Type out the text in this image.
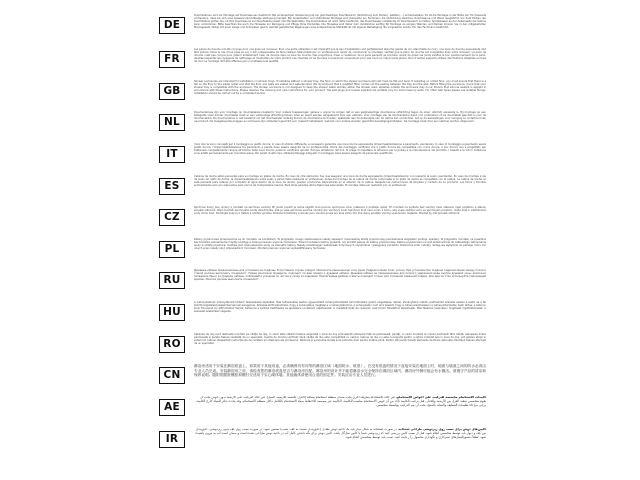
DE
Duschkabinen sind zur Montage auf Duschwannen bestimmt. Bei andersartiger Verwendung ist ein gleichwertiger Duschbereich (Abdichtung zum Boden), Gefälle (...) sicherzustellen. Es ist die Montage in der Nähe der Tür (bauseits vorhanden), dass sie sich eine wasserundurchlässige Verfugung handelt. Bei bodentiefem und stufenfreier Montage wird (bauseits) ein Fachmann die Abdichtung zwischen Duschwanne und Wand ausgeführt. Vor dem Einbau der Duschkabine prüfen Sie, ob Ihre Duschwanne zur Duschkabine passt (die Mindestmaße). Die Duschkabine ist nicht dafür bestimmt, das Duschwasser vollständig im Duschbereich zu halten. Spritzwasser an der Außenseite der Kabine kann vorkommen. Bitte beachten Sie auch die Hinweise zur Reinigung und Pflege Ihres Produktes. Die Hinweise sind daher zum Verständnis wichtig für Montage an einigen Wänden und Decken können Sie in den mitgelieferten Montagesets, Dübel mit einer Länge und Schrauben gleich. Gemäß gesetzlicher Regelungen eine entsprechende Stabilität ist mit eigener Befestigung die vorgesehen wurde. Für den Fachmann bestimmt.
FR
Les parois de douche ont été conçues pour une pose sur receveur. Pour une autre utilisation il est impératif que le lieu d'installation soit parfaitement étanche (pente du sol, étanchéité du mur), une zone de douche équivalente doit être prévue. Dans le cas d'une pose au sol, il est indispensable de faire réaliser l'étanchéité par un professionnel. Avant de commencer le montage, vérifiez que la paroi de douche est compatible avec votre receveur. La paroi de douche n'est pas conçue pour retenir entièrement l'eau de douche dans la zone de douche. Des projections d'eau à l'extérieur de la paroi peuvent se produire. Avant de poser les joints vérifiez le bon positionnement de la paroi. Veuillez respecter les consignes de nettoyage et d'entretien de votre produit. Les chevilles et vis fournies conviennent uniquement pour des murs en maçonnerie pleine. Pour d'autres supports utilisez des fixations adaptées au type de mur. Le montage doit être effectué par un professionnel qualifié.
GB
Shower enclosures are intended for installation on shower trays. If installing without a shower tray, the floor on which the shower enclosure will rest must be flat and level. If installing on a tiled floor, you must ensure that there is a fall on the floor to the waste outlet and that the floor and walls are sealed and waterproofed. We recommend that a qualified fitter carries out the sealing between the tray and the wall. Before fitting the enclosure, check that your shower tray is compatible with the enclosure. The shower enclosure is not designed to keep the shower water entirely within the shower area; splashes outside the enclosure may occur. Ensure that silicone sealant is applied in accordance with these instructions. Please observe the cleaning and care instructions for your product. The wall plugs and screws supplied are suitable only for solid masonry walls. For other wall types please use suitable fixings. Installation should be carried out by a competent person.
NL
Douchecabines zijn voor montage op douchebakken bestemd. Voor andere toepassingen gelieve u ervoor te zorgen dat er een gelijkwaardige douchezone (afdichting tegen de vloer, afschot) aanwezig is. Bij montage op een betegelde vloer zonder douchebak moet er een vakkundige afdichting tussen vloer en wand worden aangebracht door een vakman. Voor montage van de douchecabine dient u te controleren of uw douchebak geschikt is voor de douchecabine. De douchecabine is niet bestemd om het douchewater volledig binnen de douchezone te houden; spatwater aan de buitenzijde van de cabine kan voorkomen. Let op de aanwijzingen voor reiniging en onderhoud van uw product. De meegeleverde pluggen en schroeven zijn uitsluitend geschikt voor massief metselwerk. Gebruik voor andere wanden geschikte bevestigingsmiddelen. De montage moet door een vakman worden uitgevoerd.
IT
I box doccia sono concepiti per il montaggio su piatto doccia. In caso di utilizzo differente, è necessario garantire una zona doccia equivalente (impermeabilizzazione a pavimento, pendenza). In caso di montaggio a pavimento senza piatto doccia, l'impermeabilizzazione tra pavimento e parete deve essere eseguita da un professionista. Prima del montaggio verificare che il piatto doccia sia compatibile con il box doccia. Il box doccia non è progettato per trattenere completamente l'acqua all'interno della zona doccia; possono verificarsi spruzzi d'acqua all'esterno del box. Si prega di rispettare le istruzioni per la pulizia e la manutenzione del prodotto. I tasselli e le viti in dotazione sono adatti esclusivamente per murature piene. Per pareti di altro tipo utilizzare fissaggi adeguati. Il montaggio deve essere eseguito da personale qualificato.
ES
Cabinas de ducha están pensadas para su montaje en platos de ducha. En caso de otra aplicación hay que asegurar una zona de ducha equivalente (impermeabilización con respecto al suelo, pendiente). En caso de montaje a ras de suelo sin plato de ducha, la impermeabilización entre suelo y pared debe realizarla un profesional. Antes del montaje de la cabina de ducha compruebe si su plato de ducha es compatible con la cabina. La cabina de ducha no está pensada para retener por completo el agua dentro de la zona de ducha; pueden producirse salpicaduras en el exterior de la cabina. Respete las instrucciones de limpieza y cuidado de su producto. Los tacos y tornillos suministrados solo son adecuados para muros de mampostería maciza. Para otras paredes utilice fijaciones adecuadas. El montaje debe ser realizado por un profesional.
CZ
Sprchové kouty jsou určeny k montáži na sprchové vaničky. Při jiném použití je nutné zajistit rovnocennou sprchovou zónu (utěsnění k podlaze, spád). Při montáži na podlahu bez vaničky musí utěsnění mezi podlahou a stěnou provést odborník. Před montáží sprchového koutu zkontrolujte, zda je vaše sprchová vanička vhodná pro sprchový kout. Sprchový kout není určen k tomu, aby zcela zadržel vodu ve sprchovém prostoru; může dojít k odstřikování vody mimo kout. Dodržujte pokyny k čištění a údržbě výrobku. Dodané hmoždinky a šrouby jsou vhodné pouze pro plné zdivo. Pro jiné stěny použijte vhodný upevňovací materiál. Montáž by měl provést odborník.
PL
Kabiny prysznicowe przeznaczone są do montażu na brodzikach. W przypadku innego zastosowania należy zapewnić równoważną strefę prysznicową (uszczelnienie względem podłogi, spadek). W przypadku montażu na posadzce bez brodzika uszczelnienie między podłogą a ścianą powinien wykonać fachowiec. Przed montażem kabiny sprawdź, czy brodzik pasuje do kabiny prysznicowej. Kabina prysznicowa nie jest przeznaczona do całkowitego zatrzymania wody w strefie prysznica; możliwe jest rozpryskiwanie wody na zewnątrz kabiny. Należy przestrzegać wskazówek dotyczących czyszczenia i pielęgnacji produktu. Dołączone kołki i wkręty nadają się wyłącznie do pełnego muru. Do innych ścian należy użyć odpowiednich mocowań. Montaż powinien wykonać wykwalifikowany fachowiec.
RU
Душевые кабины предназначены для установки на поддоны. В противном случае следует обеспечить равноценную зону душа (гидроизоляция пола, уклон). При установке без поддона гидроизоляцию между полом и стеной должен выполнить специалист. Перед монтажом проверьте, подходит ли ваш поддон к душевой кабине. Душевая кабина не предназначена для полного удержания воды внутри душевой зоны; возможно попадание брызг за пределы кабины. Соблюдайте указания по чистке и уходу за изделием. Прилагаемые дюбели и винты подходят только для сплошной каменной кладки. Для других стен используйте подходящий крепёж. Монтаж должен выполнять специалист.
HU
A zuhanykabinok zuhanytálcára történő felszerelésre készültek. Más felhasználás esetén egyenértékű zuhanyzóterületet kell biztosítani (padló szigetelése, lejtés). Zuhanytálca nélküli, padlószintű szerelés esetén a padló és a fal közötti szigetelést szakembernek kell elvégeznie. Szerelés előtt ellenőrizze, hogy a zuhanytálca megfelel-e a zuhanykabinhoz. A zuhanykabin nem arra készült, hogy a zuhanyvizet teljesen a zuhanyzóterületen belül tartsa; a kabinon kívül fröccsenő víz előfordulhat. Kérjük, tartsa be a termék tisztítására és ápolására vonatkozó utasításokat. A mellékelt tiplik és csavarok csak tömör falazathoz alkalmasak. Más falakhoz használjon megfelelő rögzítőelemeket. A szerelést szakember végezze.
RO
Cabinele de duș sunt destinate montării pe cădițe de duș. În cazul altei utilizări trebuie asigurată o zonă de duș echivalentă (etanșare față de pardoseală, pantă). În cazul montării la nivelul pardoselii fără cădiță, etanșarea dintre pardoseală și perete trebuie realizată de un specialist. Înainte de montaj verificați dacă cădița de duș este compatibilă cu cabina. Cabina de duș nu este concepută pentru a reține complet apa în zona de duș; pot apărea stropi în exteriorul cabinei. Respectați instrucțiunile de curățare și întreținere ale produsului. Diblurile și șuruburile livrate sunt potrivite doar pentru zidărie plină. Pentru alți pereți folosiți elemente de fixare adecvate. Montajul trebuie efectuat de un specialist.
CN
淋浴房适用于安装在淋浴底盘上。如果用于其他用途，必须确保具有同等的淋浴区域（地面防水、坡度）。在没有底盘的情况下直接安装在地面上时，地面与墙面之间的防水必须由专业人员完成。安装淋浴房之前，请检查您的淋浴底盘是否与淋浴房匹配。淋浴房的设计并不能将淋浴水完全保持在淋浴区域内，淋浴房外侧可能会有水溅出。请遵守产品的清洁和保养说明。随附的膨胀螺栓和螺钉仅适用于实心砌体墙。其他墙体请使用合适的固定件。安装应由专业人员进行。
AE
كابينات الاستحمام مخصصة للتركيب على أحواض الاستحمام. في حالة الاستخدام بطريقة أخرى يجب ضمان منطقة استحمام مماثلة (العزل بالنسبة للأرضية، الميل). في حالة التركيب على الأرضية بدون حوض يجب أن يقوم متخصص بتنفيذ العزل بين الأرضية والجدار. قبل تركيب الكابينة تأكد من أن حوض الاستحمام مناسب للكابينة. الكابينة غير مصممة للاحتفاظ بمياه الاستحمام بالكامل داخل منطقة الاستحمام، وقد يحدث تناثر للمياه خارج الكابينة. يرجى مراعاة تعليمات التنظيف والعناية بالمنتج. يجب أن يتم التركيب بواسطة متخصص.
IR
کابین‌های دوش برای نصب روی زیردوشی طراحی شده‌اند. در صورت استفاده به شکل دیگر باید یک ناحیه دوش معادل (عایق‌بندی نسبت به کف، شیب) تضمین شود. در صورت نصب روی کف بدون زیردوشی، عایق‌بندی بین کف و دیوار باید توسط متخصص انجام شود. قبل از نصب کابین بررسی کنید که زیردوشی شما با کابین سازگار باشد. کابین دوش برای نگه داشتن کامل آب در ناحیه دوش طراحی نشده است و ممکن است آب به بیرون پاشیده شود. لطفاً دستورالعمل‌های تمیزکاری و نگهداری محصول را رعایت کنید. نصب باید توسط متخصص انجام شود.
